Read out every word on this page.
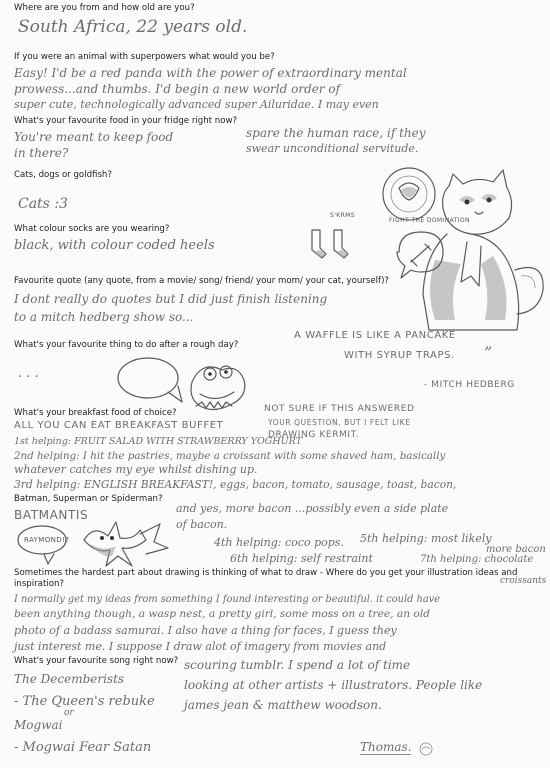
Where are you from and how old are you?
South Africa, 22 years old.
If you were an animal with superpowers what would you be?
Easy! I'd be a red panda with the power of extraordinary mental
prowess...and thumbs. I'd begin a new world order of
super cute, technologically advanced super Ailuridae. I may even
spare the human race, if they
swear unconditional servitude.
What's your favourite food in your fridge right now?
You're meant to keep food
in there?
Cats, dogs or goldfish?
Cats :3
FIGHT THE DOMINATION
S'KRMS
What colour socks are you wearing?
black, with colour coded heels
Favourite quote (any quote, from a movie/ song/ friend/ your mom/ your cat, yourself)?
I dont really do quotes but I did just finish listening
to a mitch hedberg show so...
A WAFFLE IS LIKE A PANCAKE
WITH SYRUP TRAPS. ”
- MITCH HEDBERG
What's your favourite thing to do after a rough day?
. . .
What's your breakfast food of choice?	NOT SURE IF THIS ANSWERED
YOUR QUESTION, BUT I FELT LIKE
DRAWING KERMIT.
ALL YOU CAN EAT BREAKFAST BUFFET
1st helping: FRUIT SALAD WITH STRAWBERRY YOGHURT
2nd helping: I hit the pastries, maybe a croissant with some shaved ham, basically
whatever catches my eye whilst dishing up.
3rd helping: ENGLISH BREAKFAST!, eggs, bacon, tomato, sausage, toast, bacon,
Batman, Superman or Spiderman?
BATMANTIS
RAYMOND!?
and yes, more bacon ...possibly even a side plate
of bacon.
4th helping: coco pops. 5th helping: most likely
more bacon
6th helping: self restraint	7th helping: chocolate
croissants
Sometimes the hardest part about drawing is thinking of what to draw - Where do you get your illustration ideas and inspiration?
I normally get my ideas from something I found interesting or beautiful. it could have
been anything though, a wasp nest, a pretty girl, some moss on a tree, an old
photo of a badass samurai. I also have a thing for faces, I guess they
just interest me. I suppose I draw alot of imagery from movies and
scouring tumblr. I spend a lot of time
looking at other artists + illustrators. People like
james jean & matthew woodson.
What's your favourite song right now?
The Decemberists
- The Queen's rebuke
or
Mogwai
- Mogwai Fear Satan	Thomas.
